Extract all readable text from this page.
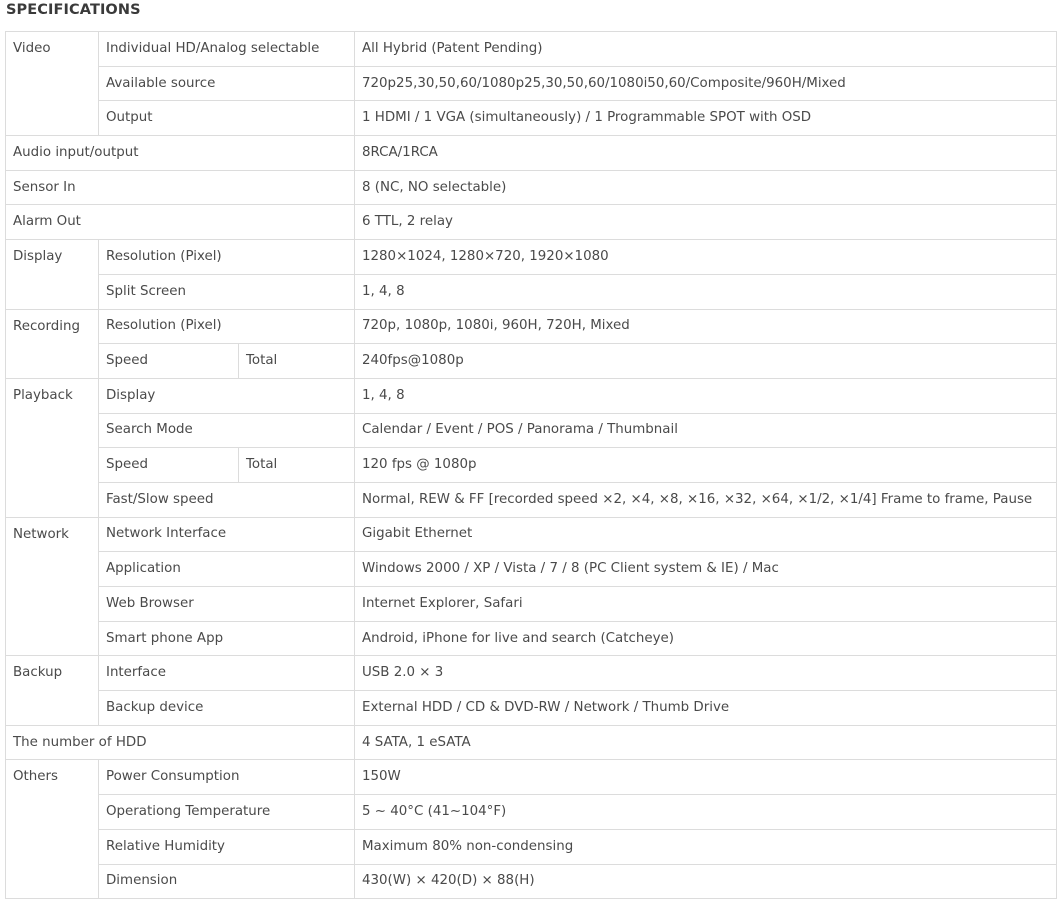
SPECIFICATIONS
Video	Individual HD/Analog selectable		All Hybrid (Patent Pending)
	Available source		720p25,30,50,60/1080p25,30,50,60/1080i50,60/Composite/960H/Mixed
	Output		1 HDMI / 1 VGA (simultaneously) / 1 Programmable SPOT with OSD
Audio input/output			8RCA/1RCA
Sensor In			8 (NC, NO selectable)
Alarm Out			6 TTL, 2 relay
Display	Resolution (Pixel)		1280×1024, 1280×720, 1920×1080
	Split Screen		1, 4, 8
Recording	Resolution (Pixel)		720p, 1080p, 1080i, 960H, 720H, Mixed
	Speed	Total	240fps@1080p
Playback	Display		1, 4, 8
	Search Mode		Calendar / Event / POS / Panorama / Thumbnail
	Speed	Total	120 fps @ 1080p
	Fast/Slow speed		Normal, REW & FF [recorded speed ×2, ×4, ×8, ×16, ×32, ×64, ×1/2, ×1/4] Frame to frame, Pause
Network	Network Interface		Gigabit Ethernet
	Application		Windows 2000 / XP / Vista / 7 / 8 (PC Client system & IE) / Mac
	Web Browser		Internet Explorer, Safari
	Smart phone App		Android, iPhone for live and search (Catcheye)
Backup	Interface		USB 2.0 × 3
	Backup device		External HDD / CD & DVD-RW / Network / Thumb Drive
The number of HDD			4 SATA, 1 eSATA
Others	Power Consumption		150W
	Operationg Temperature		5 ~ 40°C (41~104°F)
	Relative Humidity		Maximum 80% non-condensing
	Dimension		430(W) × 420(D) × 88(H)
